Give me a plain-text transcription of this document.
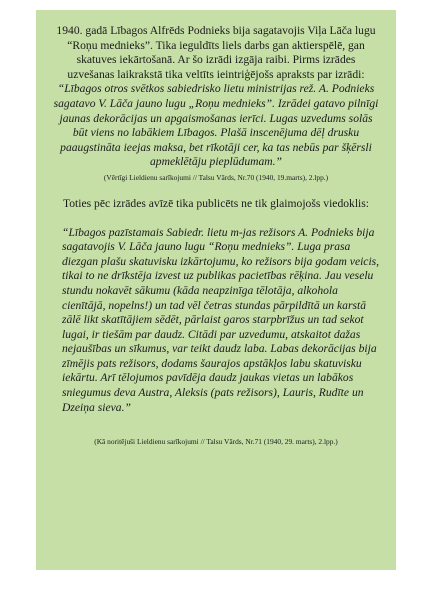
1940. gadā Lībagos Alfrēds Podnieks bija sagatavojis Viļa Lāča lugu “Roņu mednieks”. Tika ieguldīts liels darbs gan aktierspēlē, gan skatuves iekārtošanā. Ar šo izrādi izgāja raibi. Pirms izrādes uzvešanas laikrakstā tika veltīts ieintriģējošs apraksts par izrādi:

“Lībagos otros svētkos sabiedrisko lietu ministrijas rež. A. Podnieks sagatavo V. Lāča jauno lugu „Roņu mednieks”. Izrādei gatavo pilnīgi jaunas dekorācijas un apgaismošanas ierīci. Lugas uzvedums solās būt viens no labākiem Lībagos. Plašā inscenējuma dēļ drusku paaugstināta ieejas maksa, bet rīkotāji cer, ka tas nebūs par šķērsli apmeklētāju pieplūdumam.”

(Vērtīgi Lieldienu sarīkojumi // Talsu Vārds, Nr.70 (1940, 19.marts), 2.lpp.)

Toties pēc izrādes avīzē tika publicēts ne tik glaimojošs viedoklis:

“Lībagos pazīstamais Sabiedr. lietu m-jas režisors A. Podnieks bija sagatavojis V. Lāča jauno lugu “Roņu mednieks”. Luga prasa diezgan plašu skatuvisku izkārtojumu, ko režisors bija godam veicis, tikai to ne drīkstēja izvest uz publikas pacietības rēķina. Jau veselu stundu nokavēt sākumu (kāda neapzinīga tēlotāja, alkohola cienītājā, nopelns!) un tad vēl četras stundas pārpildītā un karstā zālē likt skatītājiem sēdēt, pārlaist garos starpbrīžus un tad sekot lugai, ir tiešām par daudz. Citādi par uzvedumu, atskaitot dažas nejaušības un sīkumus, var teikt daudz laba. Labas dekorācijas bija zīmējis pats režisors, dodams šaurajos apstākļos labu skatuvisku iekārtu. Arī tēlojumos pavīdēja daudz jaukas vietas un labākos sniegumus deva Austra, Aleksis (pats režisors), Lauris, Rudīte un Dzeiņa sieva.”

(Kā noritējuši Lieldienu sarīkojumi // Talsu Vārds, Nr.71 (1940, 29. marts), 2.lpp.)
